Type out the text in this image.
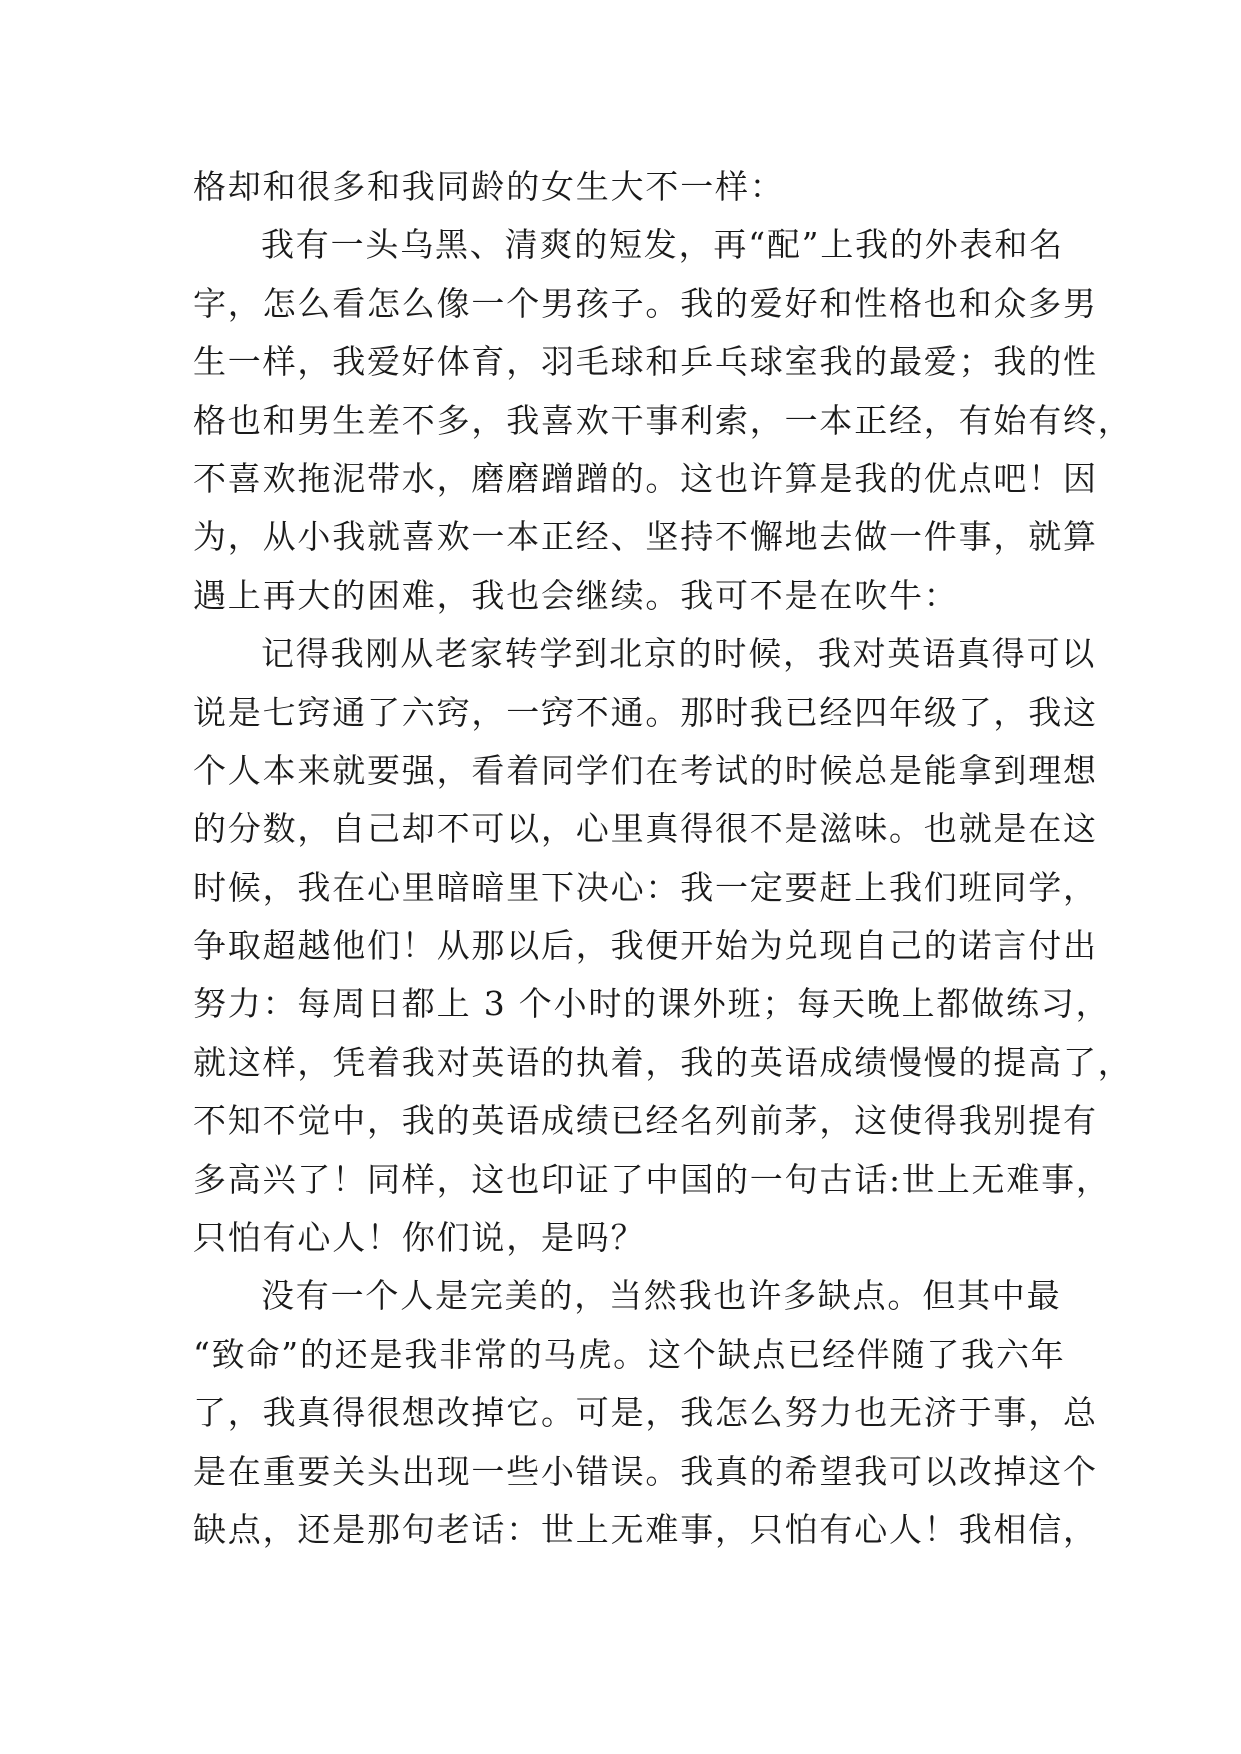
格却和很多和我同龄的女生大不一样：
我有一头乌黑、清爽的短发，再“配”上我的外表和名
字，怎么看怎么像一个男孩子。我的爱好和性格也和众多男
生一样，我爱好体育，羽毛球和乒乓球室我的最爱；我的性
格也和男生差不多，我喜欢干事利索，一本正经，有始有终，
不喜欢拖泥带水，磨磨蹭蹭的。这也许算是我的优点吧！因
为，从小我就喜欢一本正经、坚持不懈地去做一件事，就算
遇上再大的困难，我也会继续。我可不是在吹牛：
记得我刚从老家转学到北京的时候，我对英语真得可以
说是七窍通了六窍，一窍不通。那时我已经四年级了，我这
个人本来就要强，看着同学们在考试的时候总是能拿到理想
的分数，自己却不可以，心里真得很不是滋味。也就是在这
时候，我在心里暗暗里下决心：我一定要赶上我们班同学，
争取超越他们！从那以后，我便开始为兑现自己的诺言付出
努力：每周日都上 3 个小时的课外班；每天晚上都做练习，
就这样，凭着我对英语的执着，我的英语成绩慢慢的提高了，
不知不觉中，我的英语成绩已经名列前茅，这使得我别提有
多高兴了！同样，这也印证了中国的一句古话:世上无难事，
只怕有心人！你们说，是吗？
没有一个人是完美的，当然我也许多缺点。但其中最
“致命”的还是我非常的马虎。这个缺点已经伴随了我六年
了，我真得很想改掉它。可是，我怎么努力也无济于事，总
是在重要关头出现一些小错误。我真的希望我可以改掉这个
缺点，还是那句老话：世上无难事，只怕有心人！我相信，
